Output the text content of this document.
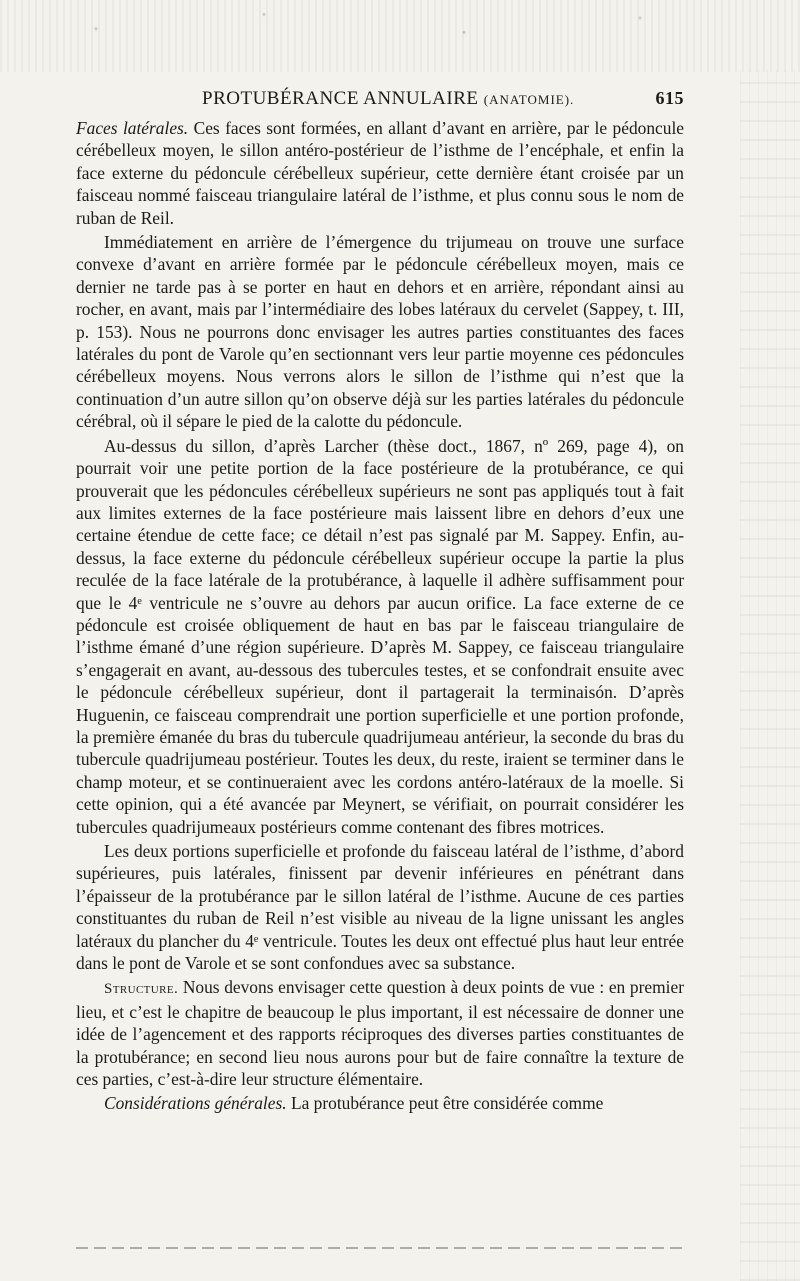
PROTUBÉRANCE ANNULAIRE (ANATOMIE).	615

Faces latérales. Ces faces sont formées, en allant d’avant en arrière, par le pédoncule cérébelleux moyen, le sillon antéro-postérieur de l’isthme de l’encéphale, et enfin la face externe du pédoncule cérébelleux supérieur, cette dernière étant croisée par un faisceau nommé faisceau triangulaire latéral de l’isthme, et plus connu sous le nom de ruban de Reil.

Immédiatement en arrière de l’émergence du trijumeau on trouve une surface convexe d’avant en arrière formée par le pédoncule cérébelleux moyen, mais ce dernier ne tarde pas à se porter en haut en dehors et en arrière, répondant ainsi au rocher, en avant, mais par l’intermédiaire des lobes latéraux du cervelet (Sappey, t. III, p. 153). Nous ne pourrons donc envisager les autres parties constituantes des faces latérales du pont de Varole qu’en sectionnant vers leur partie moyenne ces pédoncules cérébelleux moyens. Nous verrons alors le sillon de l’isthme qui n’est que la continuation d’un autre sillon qu’on observe déjà sur les parties latérales du pédoncule cérébral, où il sépare le pied de la calotte du pédoncule.

Au-dessus du sillon, d’après Larcher (thèse doct., 1867, nº 269, page 4), on pourrait voir une petite portion de la face postérieure de la protubérance, ce qui prouverait que les pédoncules cérébelleux supérieurs ne sont pas appliqués tout à fait aux limites externes de la face postérieure mais laissent libre en dehors d’eux une certaine étendue de cette face; ce détail n’est pas signalé par M. Sappey. Enfin, au-dessus, la face externe du pédoncule cérébelleux supérieur occupe la partie la plus reculée de la face latérale de la protubérance, à laquelle il adhère suffisamment pour que le 4ᵉ ventricule ne s’ouvre au dehors par aucun orifice. La face externe de ce pédoncule est croisée obliquement de haut en bas par le faisceau triangulaire de l’isthme émané d’une région supérieure. D’après M. Sappey, ce faisceau triangulaire s’engagerait en avant, au-dessous des tubercules testes, et se confondrait ensuite avec le pédoncule cérébelleux supérieur, dont il partagerait la terminaisón. D’après Huguenin, ce faisceau comprendrait une portion superficielle et une portion profonde, la première émanée du bras du tubercule quadrijumeau antérieur, la seconde du bras du tubercule quadrijumeau postérieur. Toutes les deux, du reste, iraient se terminer dans le champ moteur, et se continueraient avec les cordons antéro-latéraux de la moelle. Si cette opinion, qui a été avancée par Meynert, se vérifiait, on pourrait considérer les tubercules quadrijumeaux postérieurs comme contenant des fibres motrices.

Les deux portions superficielle et profonde du faisceau latéral de l’isthme, d’abord supérieures, puis latérales, finissent par devenir inférieures en pénétrant dans l’épaisseur de la protubérance par le sillon latéral de l’isthme. Aucune de ces parties constituantes du ruban de Reil n’est visible au niveau de la ligne unissant les angles latéraux du plancher du 4ᵉ ventricule. Toutes les deux ont effectué plus haut leur entrée dans le pont de Varole et se sont confondues avec sa substance.

Structure. Nous devons envisager cette question à deux points de vue : en premier lieu, et c’est le chapitre de beaucoup le plus important, il est nécessaire de donner une idée de l’agencement et des rapports réciproques des diverses parties constituantes de la protubérance; en second lieu nous aurons pour but de faire connaître la texture de ces parties, c’est-à-dire leur structure élémentaire.

Considérations générales. La protubérance peut être considérée comme
